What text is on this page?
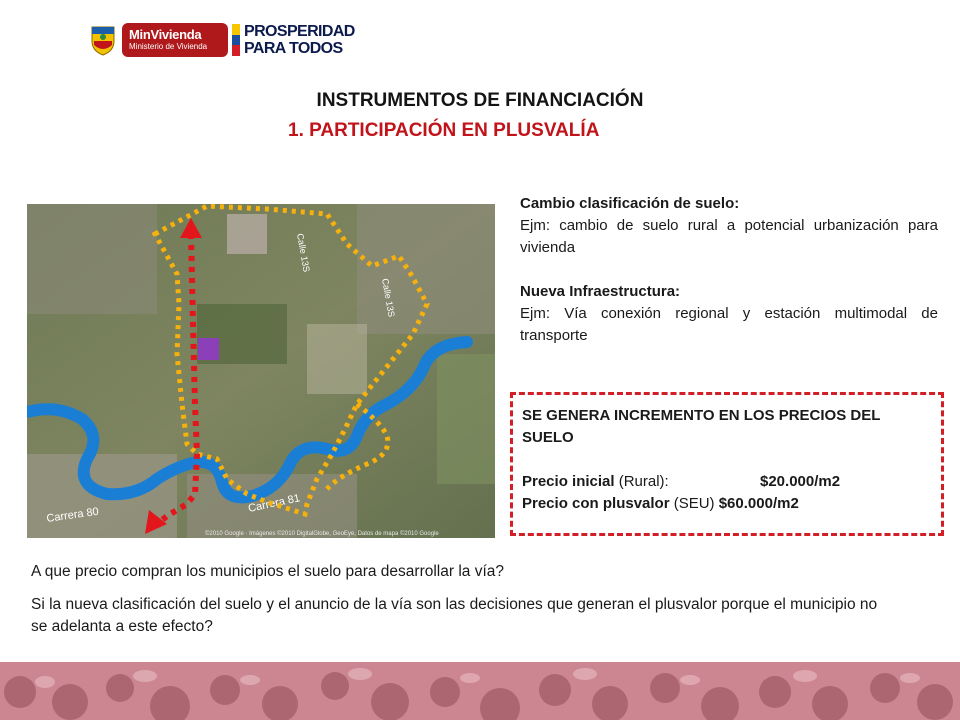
MinVivienda
Ministerio de Vivienda
PROSPERIDAD
PARA TODOS
INSTRUMENTOS DE FINANCIACIÓN
1. PARTICIPACIÓN EN PLUSVALÍA
Carrera 80
Carrera 81
Calle 13S
Calle 13S
©2010 Google · Imágenes ©2010 DigitalGlobe, GeoEye, Datos de mapa ©2010 Google
Cambio clasificación de suelo:
Ejm: cambio de suelo rural a potencial urbanización para vivienda
Nueva Infraestructura:
Ejm: Vía conexión regional y estación multimodal de transporte
SE GENERA INCREMENTO EN LOS PRECIOS DEL SUELO
Precio inicial (Rural):	$20.000/m2
Precio con plusvalor (SEU) $60.000/m2
A que precio compran los municipios el suelo para desarrollar la vía?
Si la nueva clasificación del suelo y el anuncio de la vía son las decisiones que generan el plusvalor porque el municipio no se adelanta a este efecto?
